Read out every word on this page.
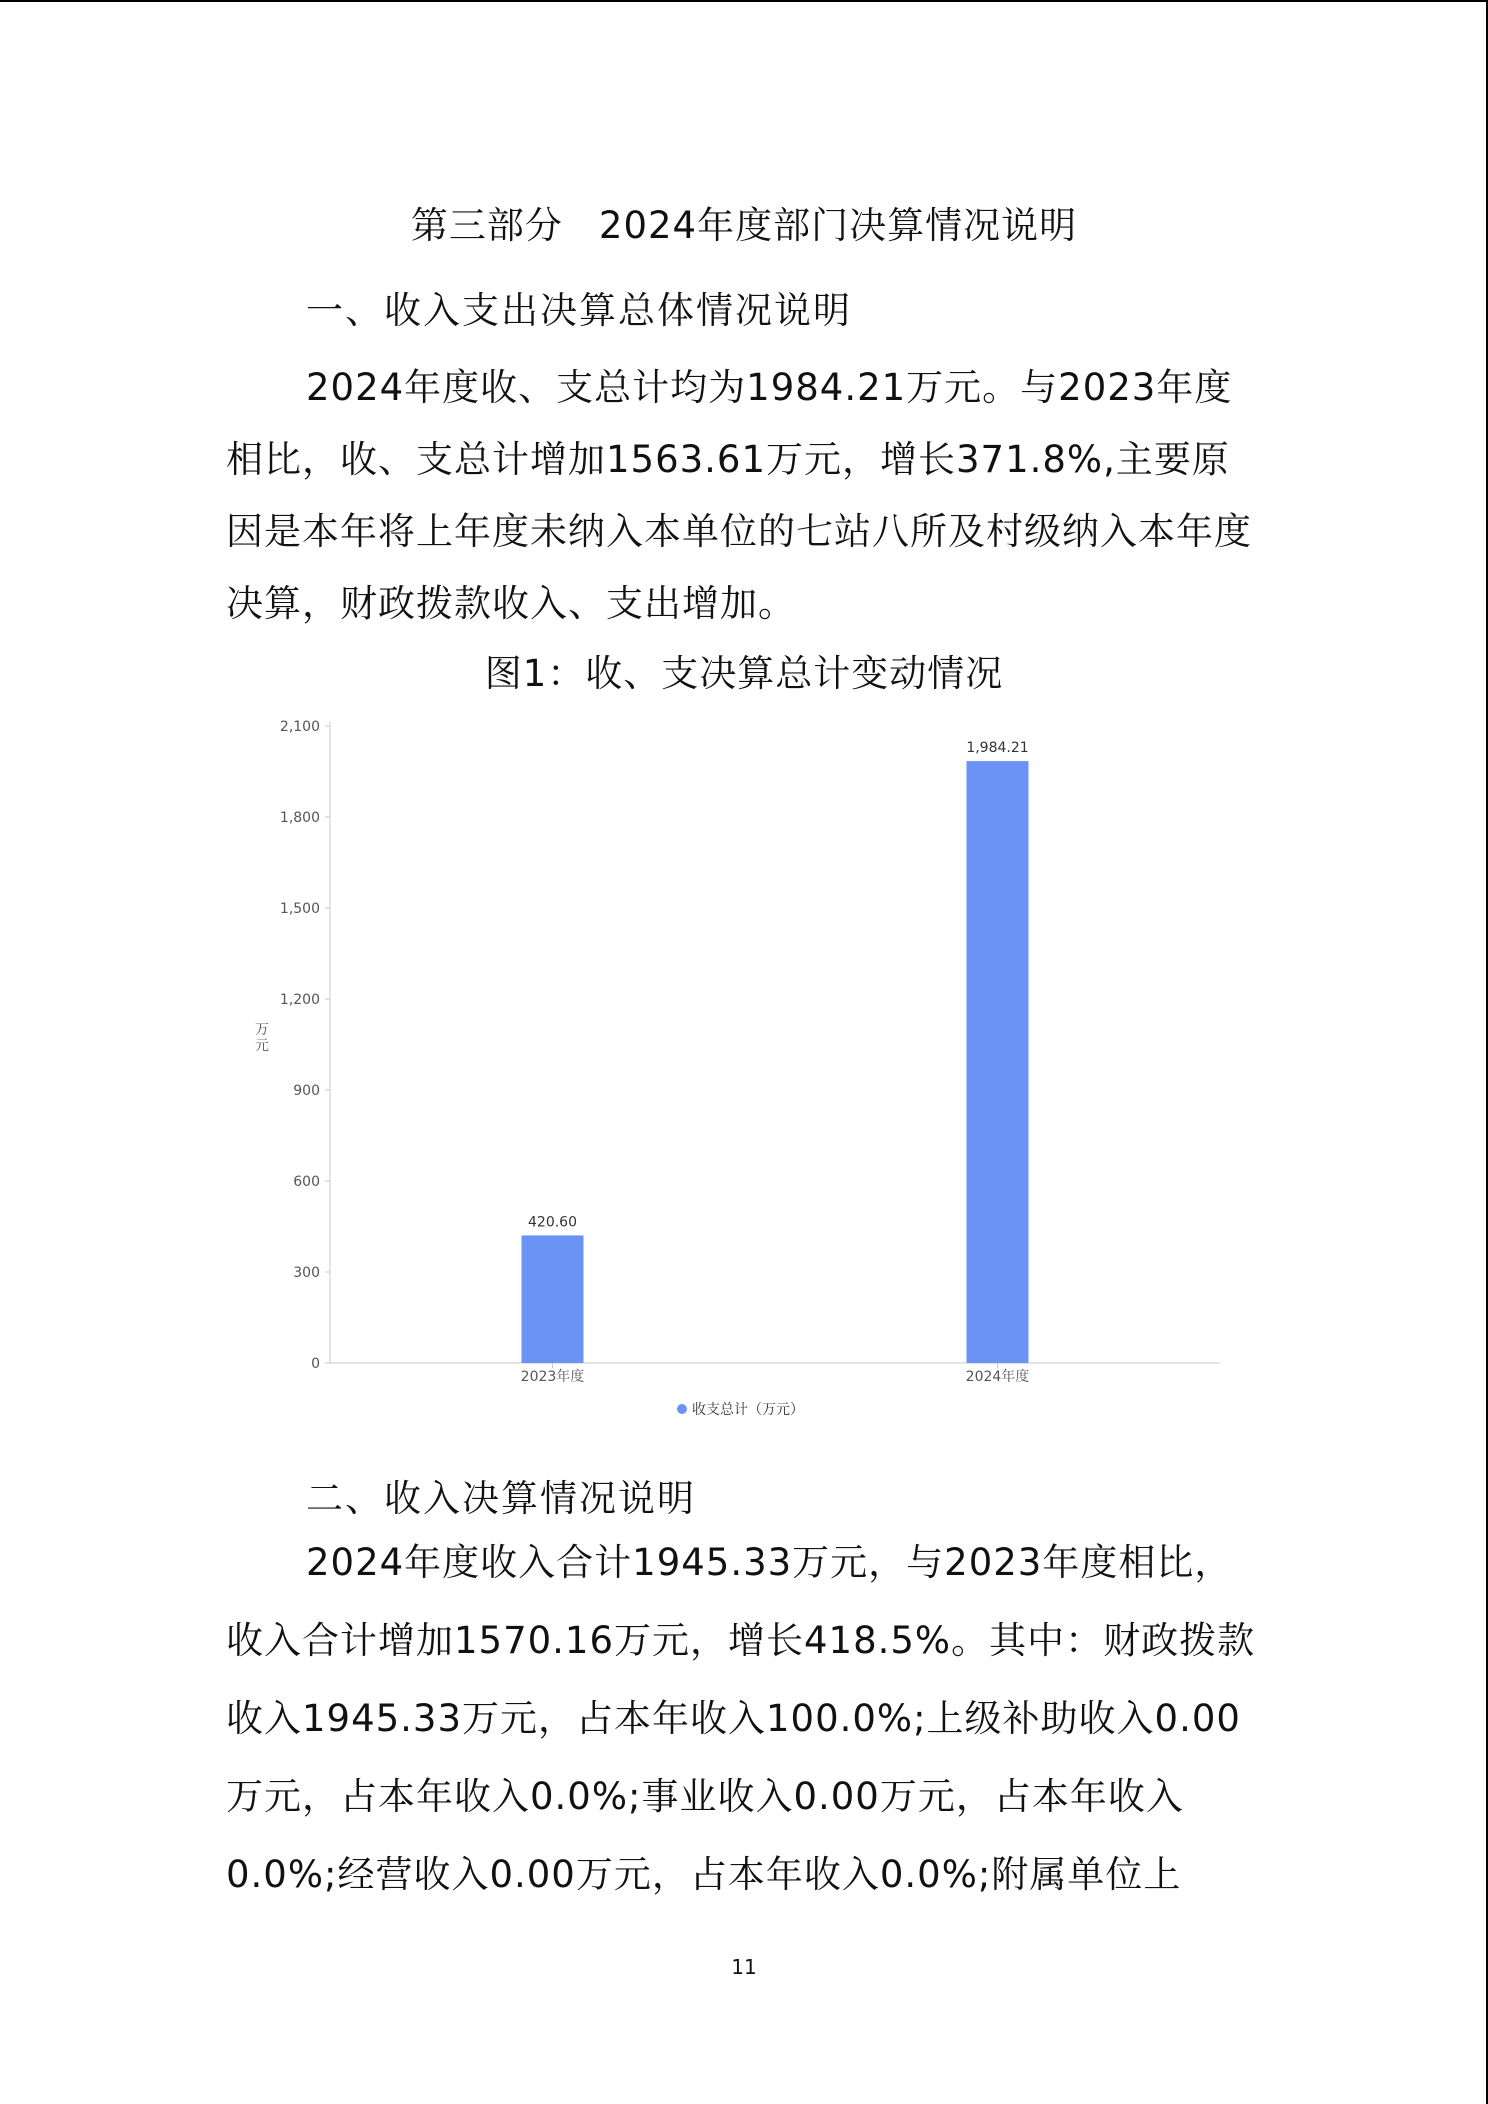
第三部分 2024年度部门决算情况说明
一、收入支出决算总体情况说明
2024年度收、支总计均为1984.21万元。与2023年度相比，收、支总计增加1563.61万元，增长371.8%,主要原因是本年将上年度未纳入本单位的七站八所及村级纳入本年度决算，财政拨款收入、支出增加。
图1：收、支决算总计变动情况
0
300
600
900
1,200
1,500
1,800
2,100
万
元
420.60
2023年度
1,984.21
2024年度
收支总计（万元）
二、收入决算情况说明
2024年度收入合计1945.33万元，与2023年度相比，收入合计增加1570.16万元，增长418.5%。其中：财政拨款收入1945.33万元，占本年收入100.0%;上级补助收入0.00万元，占本年收入0.0%;事业收入0.00万元，占本年收入0.0%;经营收入0.00万元，占本年收入0.0%;附属单位上
11
